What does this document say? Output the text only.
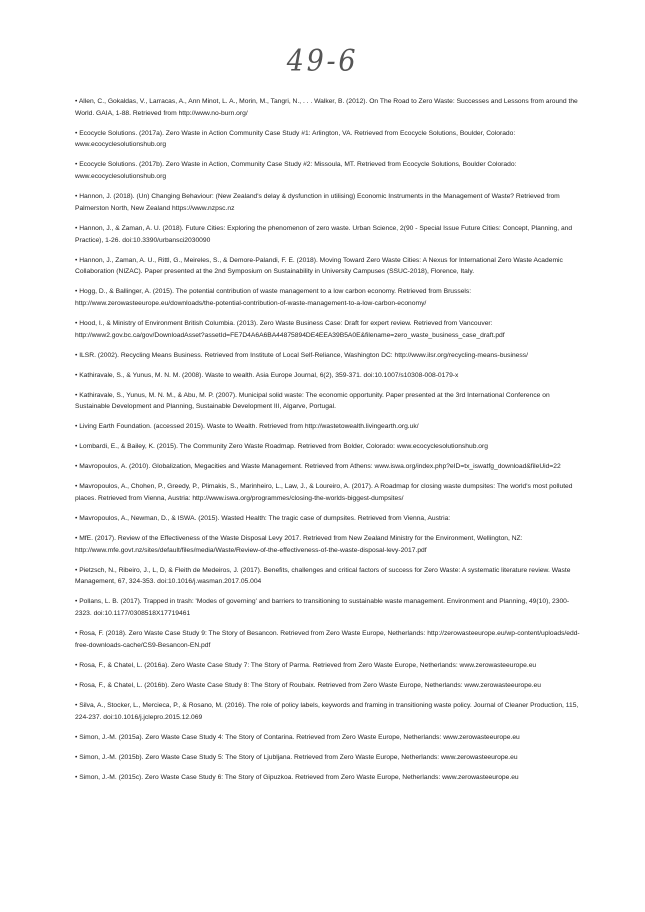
49-6
• Allen, C., Gokaldas, V., Larracas, A., Ann Minot, L. A., Morin, M., Tangri, N., . . . Walker, B. (2012). On The Road to Zero Waste: Successes and Lessons from around the World. GAIA, 1-88. Retrieved from http://www.no-burn.org/
• Ecocycle Solutions. (2017a). Zero Waste in Action Community Case Study #1: Arlington, VA. Retrieved from Ecocycle Solutions, Boulder, Colorado: www.ecocyclesolutionshub.org
• Ecocycle Solutions. (2017b). Zero Waste in Action, Community Case Study #2: Missoula, MT. Retrieved from Ecocycle Solutions, Boulder Colorado: www.ecocyclesolutionshub.org
• Hannon, J. (2018). (Un) Changing Behaviour: (New Zealand's delay & dysfunction in utilising) Economic Instruments in the Management of Waste? Retrieved from Palmerston North, New Zealand https://www.nzpsc.nz
• Hannon, J., & Zaman, A. U. (2018). Future Cities: Exploring the phenomenon of zero waste. Urban Science, 2(90 - Special Issue Future Cities: Concept, Planning, and Practice), 1-26. doi:10.3390/urbansci2030090
• Hannon, J., Zaman, A. U., Rittl, G., Meireles, S., & Demore-Palandi, F. E. (2018). Moving Toward Zero Waste Cities: A Nexus for International Zero Waste Academic Collaboration (NIZAC). Paper presented at the 2nd Symposium on Sustainability in University Campuses (SSUC-2018), Florence, Italy.
• Hogg, D., & Ballinger, A. (2015). The potential contribution of waste management to a low carbon economy. Retrieved from Brussels: http://www.zerowasteeurope.eu/downloads/the-potential-contribution-of-waste-management-to-a-low-carbon-economy/
• Hood, I., & Ministry of Environment British Columbia. (2013). Zero Waste Business Case: Draft for expert review. Retrieved from Vancouver: http://www2.gov.bc.ca/gov/DownloadAsset?assetId=FE7D4A6A6BA44875894DE4EEA39B5A0E&filename=zero_waste_business_case_draft.pdf
• ILSR. (2002). Recycling Means Business. Retrieved from Institute of Local Self-Reliance, Washington DC: http://www.ilsr.org/recycling-means-business/
• Kathiravale, S., & Yunus, M. N. M. (2008). Waste to wealth. Asia Europe Journal, 6(2), 359-371. doi:10.1007/s10308-008-0179-x
• Kathiravale, S., Yunus, M. N. M., & Abu, M. P. (2007). Municipal solid waste: The economic opportunity. Paper presented at the 3rd International Conference on Sustainable Development and Planning, Sustainable Development III, Algarve, Portugal.
• Living Earth Foundation. (accessed 2015). Waste to Wealth. Retrieved from http://wastetowealth.livingearth.org.uk/
• Lombardi, E., & Bailey, K. (2015). The Community Zero Waste Roadmap. Retrieved from Bolder, Colorado: www.ecocyclesolutionshub.org
• Mavropoulos, A. (2010). Globalization, Megacities and Waste Management. Retrieved from Athens: www.iswa.org/index.php?eID=tx_iswatfg_download&fileUid=22
• Mavropoulos, A., Chohen, P., Greedy, P., Plimakis, S., Marinheiro, L., Law, J., & Loureiro, A. (2017). A Roadmap for closing waste dumpsites: The world's most polluted places. Retrieved from Vienna, Austria: http://www.iswa.org/programmes/closing-the-worlds-biggest-dumpsites/
• Mavropoulos, A., Newman, D., & ISWA. (2015). Wasted Health: The tragic case of dumpsites. Retrieved from Vienna, Austria:
• MfE. (2017). Review of the Effectiveness of the Waste Disposal Levy 2017. Retrieved from New Zealand Ministry for the Environment, Wellington, NZ: http://www.mfe.govt.nz/sites/default/files/media/Waste/Review-of-the-effectiveness-of-the-waste-disposal-levy-2017.pdf
• Pietzsch, N., Ribeiro, J., L, D, & Fleith de Medeiros, J. (2017). Benefits, challenges and critical factors of success for Zero Waste: A systematic literature review. Waste Management, 67, 324-353. doi:10.1016/j.wasman.2017.05.004
• Pollans, L. B. (2017). Trapped in trash: 'Modes of governing' and barriers to transitioning to sustainable waste management. Environment and Planning, 49(10), 2300-2323. doi:10.1177/0308518X17719461
• Rosa, F. (2018). Zero Waste Case Study 9: The Story of Besancon. Retrieved from Zero Waste Europe, Netherlands: http://zerowasteeurope.eu/wp-content/uploads/edd-free-downloads-cache/CS9-Besancon-EN.pdf
• Rosa, F., & Chatel, L. (2016a). Zero Waste Case Study 7: The Story of Parma. Retrieved from Zero Waste Europe, Netherlands: www.zerowasteeurope.eu
• Rosa, F., & Chatel, L. (2016b). Zero Waste Case Study 8: The Story of Roubaix. Retrieved from Zero Waste Europe, Netherlands: www.zerowasteeurope.eu
• Silva, A., Stocker, L., Mercieca, P., & Rosano, M. (2016). The role of policy labels, keywords and framing in transitioning waste policy. Journal of Cleaner Production, 115, 224-237. doi:10.1016/j.jclepro.2015.12.069
• Simon, J.-M. (2015a). Zero Waste Case Study 4: The Story of Contarina. Retrieved from Zero Waste Europe, Netherlands: www.zerowasteeurope.eu
• Simon, J.-M. (2015b). Zero Waste Case Study 5: The Story of Ljubljana. Retrieved from Zero Waste Europe, Netherlands: www.zerowasteeurope.eu
• Simon, J.-M. (2015c). Zero Waste Case Study 6: The Story of Gipuzkoa. Retrieved from Zero Waste Europe, Netherlands: www.zerowasteeurope.eu
